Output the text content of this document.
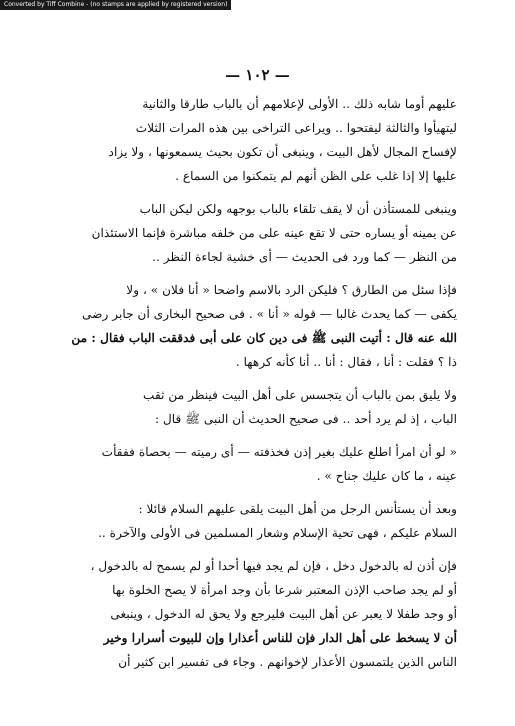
Converted by Tiff Combine - (no stamps are applied by registered version)
— ١٠٢ —
عليهم أوما شابه ذلك .. الأولى لإعلامهم أن بالباب طارقا والثانية
ليتهيأوا والثالثة ليفتحوا .. ويراعى التراخى بين هذه المرات الثلاث
لإفساح المجال لأهل البيت ، وينبغى أن تكون بحيث يسمعونها ، ولا يزاد
عليها إلا إذا غلب على الظن أنهم لم يتمكنوا من السماع .
وينبغى للمستأذن أن لا يقف تلقاء بالباب بوجهه ولكن ليكن الباب
عن يمينه أو يساره حتى لا تقع عينه على من خلفه مباشرة فإنما الاستئذان
من النظر — كما ورد فى الحديث — أى خشية لجاءة النظر ..
فإذا سئل من الطارق ؟ فليكن الرد بالاسم واضحا « أنا فلان » ، ولا
يكفى — كما يحدث غالبا — قوله « أنا » . فى صحيح البخارى أن جابر رضى
الله عنه قال : أتيت النبى ﷺ فى دين كان على أبى فدققت الباب فقال : من
ذا ؟ فقلت : أنا ، فقال : أنا .. أنا كأنه كرهها .
ولا يليق بمن بالباب أن يتجسس على أهل البيت فينظر من ثقب
الباب ، إذ لم يرد أحد .. فى صحيح الحديث أن النبى ﷺ قال :
« لو أن امرأ اطلع عليك بغير إذن فخذفته — أى رميته — بحصاة ففقأت
عينه ، ما كان عليك جناح » .
وبعد أن يستأنس الرجل من أهل البيت يلقى عليهم السلام قائلا :
السلام عليكم ، فهى تحية الإسلام وشعار المسلمين فى الأولى والآخرة ..
فإن أذن له بالدخول دخل ، فإن لم يجد فيها أحدا أو لم يسمح له بالدخول ،
أو لم يجد صاحب الإذن المعتبر شرعا بأن وجد امرأة لا يصح الخلوة بها
أو وجد طفلا لا يعبر عن أهل البيت فليرجع ولا يحق له الدخول ، وينبغى
أن لا يسخط على أهل الدار فإن للناس أعذارا وإن للبيوت أسرارا وخير
الناس الذين يلتمسون الأعذار لإخوانهم . وجاء فى تفسير ابن كثير أن
